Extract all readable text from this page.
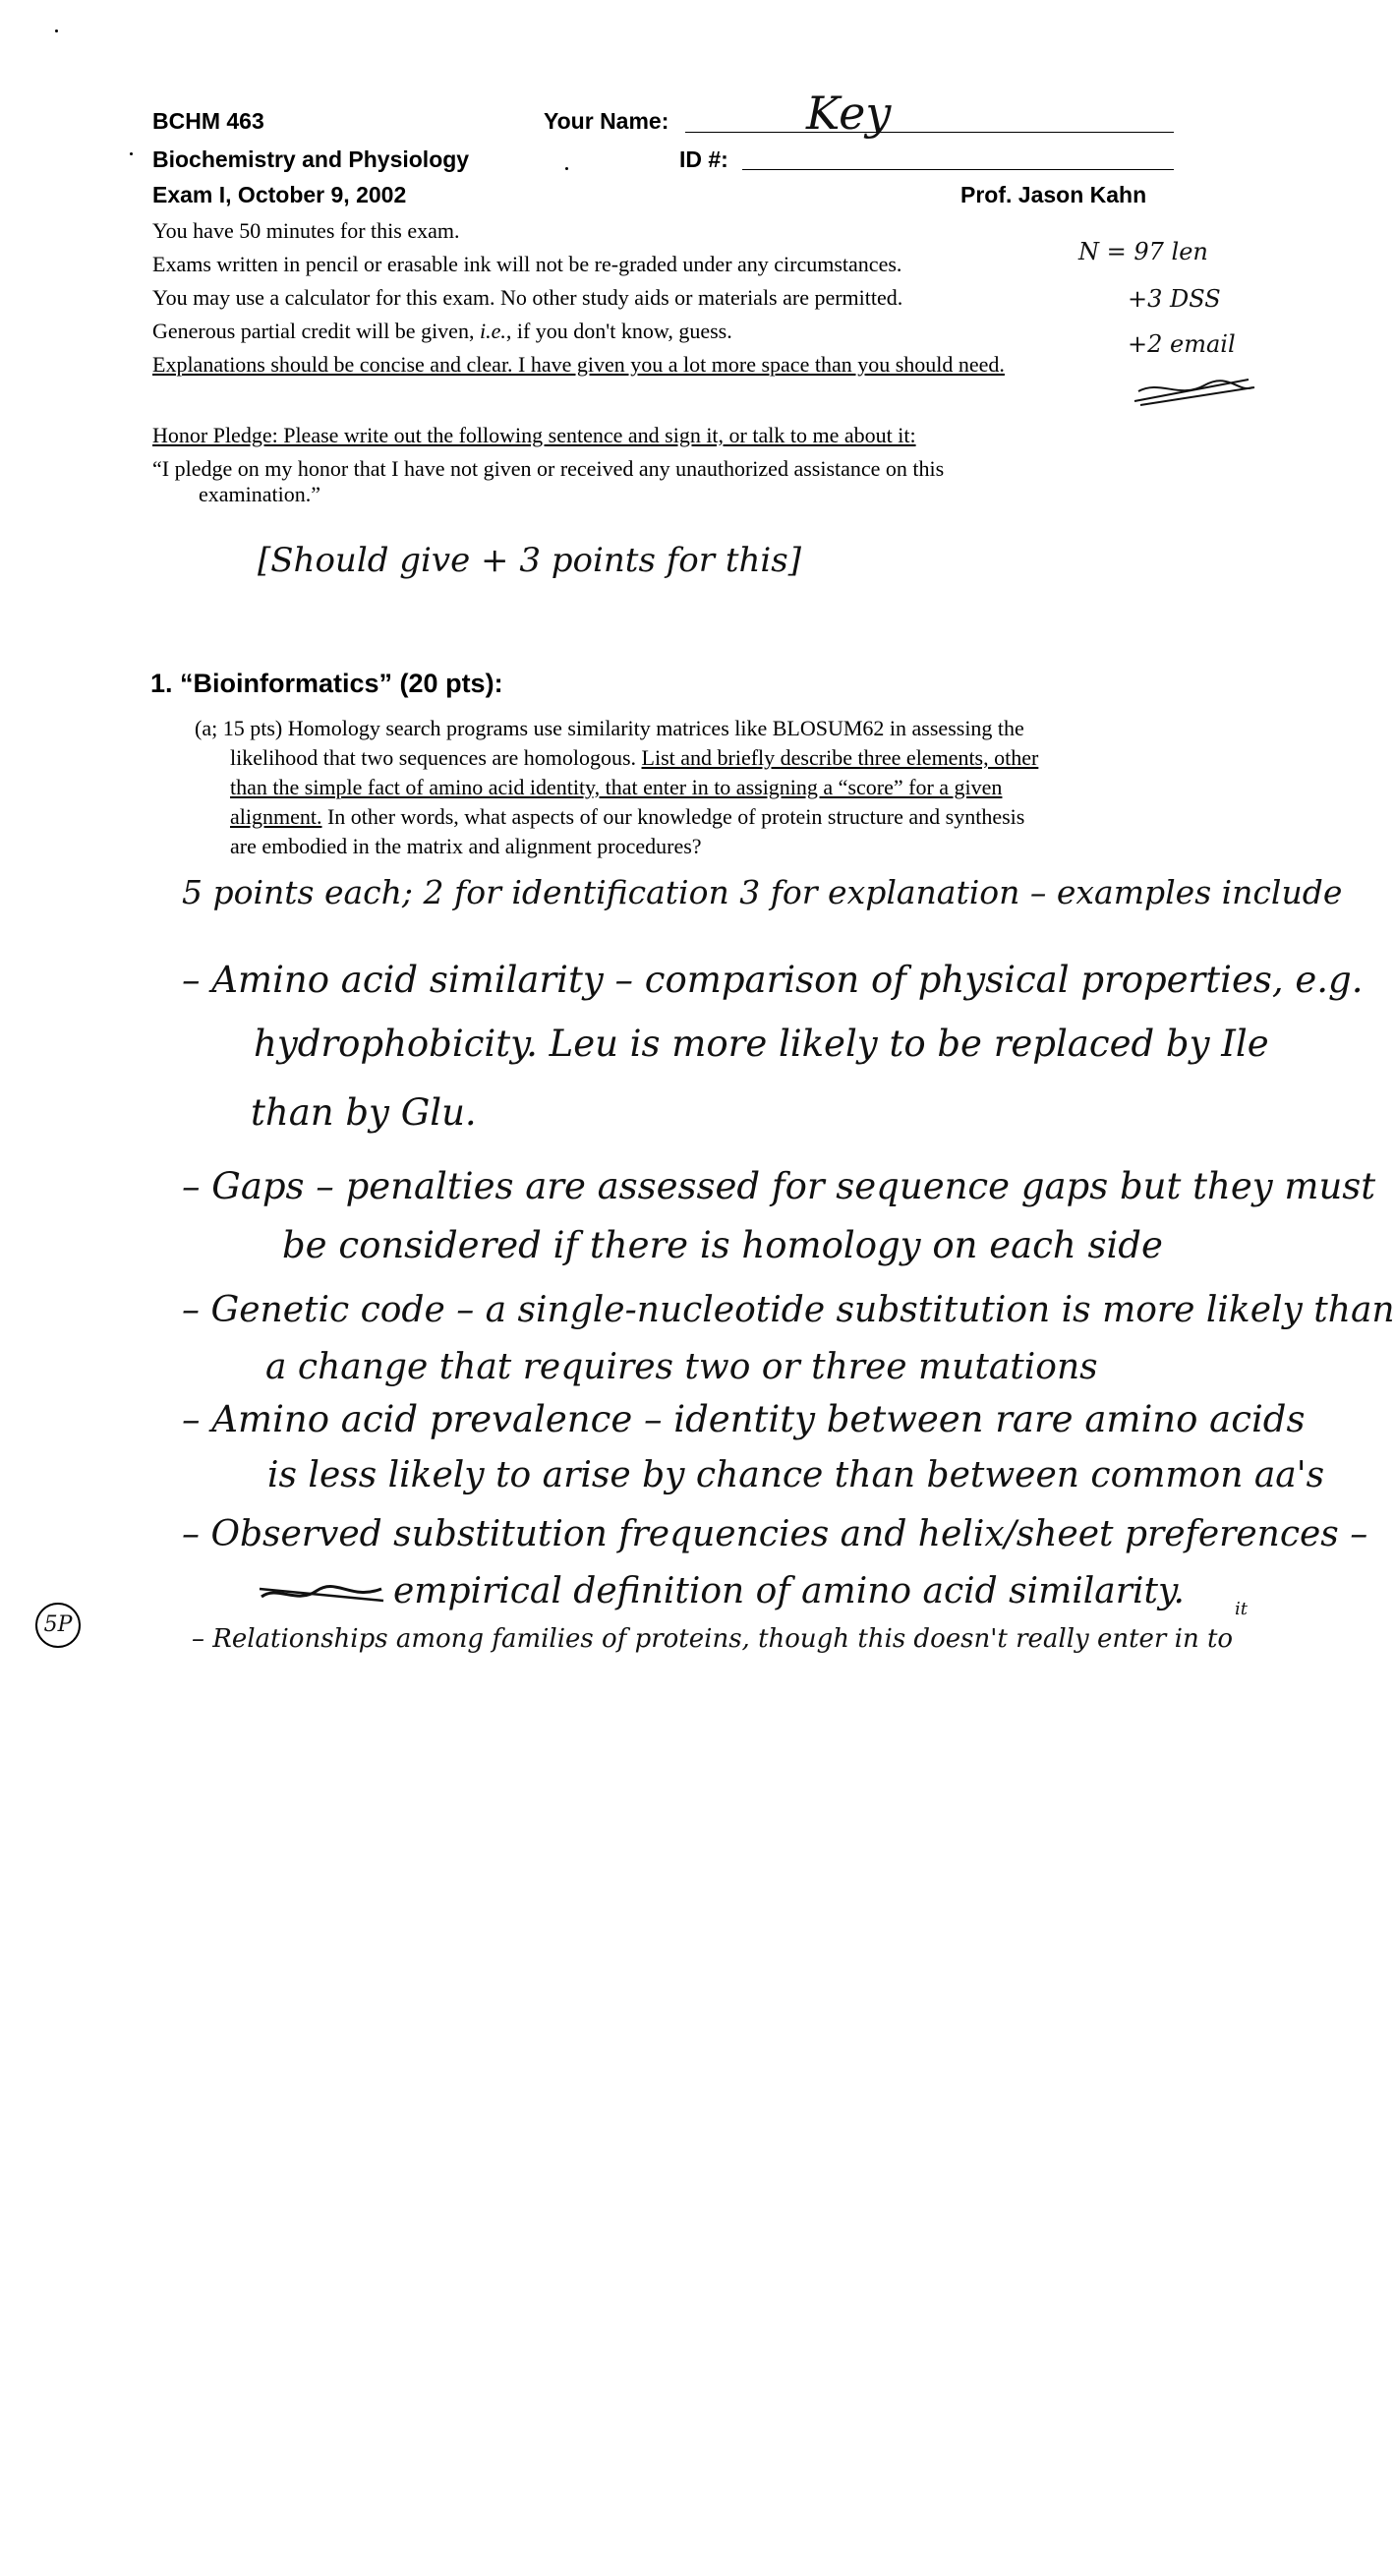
BCHM 463
Biochemistry and Physiology
Exam I, October 9, 2002
Your Name:	Key
ID #:
Prof. Jason Kahn
You have 50 minutes for this exam.
Exams written in pencil or erasable ink will not be re-graded under any circumstances.
You may use a calculator for this exam. No other study aids or materials are permitted.
Generous partial credit will be given, i.e., if you don't know, guess.
Explanations should be concise and clear. I have given you a lot more space than you should need.
N = 97 len
+3 DSS
+2 email
Honor Pledge: Please write out the following sentence and sign it, or talk to me about it:
“I pledge on my honor that I have not given or received any unauthorized assistance on this
examination.”
[Should give + 3 points for this]
1. “Bioinformatics” (20 pts):
(a; 15 pts) Homology search programs use similarity matrices like BLOSUM62 in assessing the
likelihood that two sequences are homologous. List and briefly describe three elements, other
than the simple fact of amino acid identity, that enter in to assigning a “score” for a given
alignment. In other words, what aspects of our knowledge of protein structure and synthesis
are embodied in the matrix and alignment procedures?
5 points each; 2 for identification 3 for explanation – examples include
– Amino acid similarity – comparison of physical properties, e.g.
hydrophobicity. Leu is more likely to be replaced by Ile
than by Glu.
– Gaps – penalties are assessed for sequence gaps but they must
be considered if there is homology on each side
– Genetic code – a single-nucleotide substitution is more likely than
a change that requires two or three mutations
– Amino acid prevalence – identity between rare amino acids
is less likely to arise by chance than between common aa's
– Observed substitution frequencies and helix/sheet preferences –
empirical definition of amino acid similarity.
– Relationships among families of proteins, though this doesn't really enter in to
it
5P
